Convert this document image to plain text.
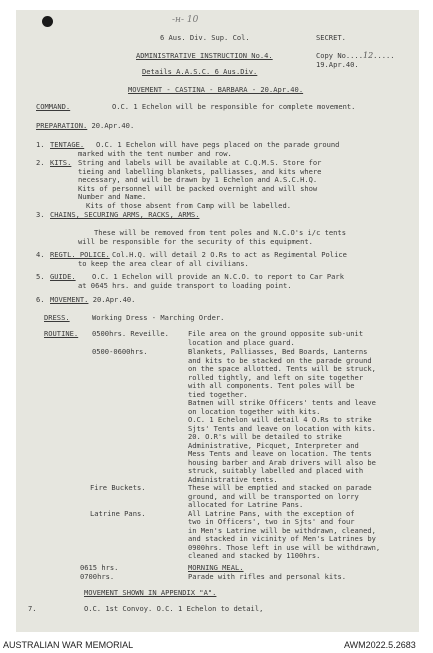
-н- 10
6 Aus. Div. Sup. Col.	SECRET.
ADMINISTRATIVE INSTRUCTION No.4.	Copy No....12.....
Details A.A.S.C. 6 Aus.Div.
19.Apr.40.
MOVEMENT - CASTINA - BARBARA - 20.Apr.40.
COMMAND.	O.C. 1 Echelon will be responsible for complete movement.
PREPARATION. 20.Apr.40.
1. TENTAGE. O.C. 1 Echelon will have pegs placed on the parade ground
marked with the tent number and row.
2. KITS. String and labels will be available at C.Q.M.S. Store for
tieing and labelling blankets, palliasses, and kits where
necessary, and will be drawn by 1 Echelon and A.S.C.H.Q.
Kits of personnel will be packed overnight and will show
Number and Name.
Kits of those absent from Camp will be labelled.
3. CHAINS, SECURING ARMS, RACKS, ARMS.
These will be removed from tent poles and N.C.O's i/c tents
will be responsible for the security of this equipment.
4. REGTL. POLICE. Col.H.Q. will detail 2 O.Rs to act as Regimental Police
to keep the area clear of all civilians.
5. GUIDE. O.C. 1 Echelon will provide an N.C.O. to report to Car Park
at 0645 hrs. and guide transport to loading point.
6. MOVEMENT. 20.Apr.40.
DRESS.	Working Dress - Marching Order.
ROUTINE. 0500hrs. Reveille.	File area on the ground opposite sub-unit
location and place guard.
0500-0600hrs.	Blankets, Palliasses, Bed Boards, Lanterns
and kits to be stacked on the parade ground
on the space allotted. Tents will be struck,
rolled tightly, and left on site together
with all components. Tent poles will be
tied together.
Batmen will strike Officers' tents and leave
on location together with kits.
O.C. 1 Echelon will detail 4 O.Rs to strike
Sjts' Tents and leave on location with kits.
20. O.R's will be detailed to strike
Administrative, Picquet, Interpreter and
Mess Tents and leave on location. The tents
housing barber and Arab drivers will also be
struck, suitably labelled and placed with
Administrative tents.
Fire Buckets.	These will be emptied and stacked on parade
ground, and will be transported on lorry
allocated for Latrine Pans.
Latrine Pans.	All Latrine Pans, with the exception of
two in Officers', two in Sjts' and four
in Men's Latrine will be withdrawn, cleaned,
and stacked in vicinity of Men's Latrines by
0900hrs. Those left in use will be withdrawn,
cleaned and stacked by 1100hrs.
0615 hrs.	MORNING MEAL.
0700hrs.	Parade with rifles and personal kits.
MOVEMENT SHOWN IN APPENDIX "A".
7.	O.C. 1st Convoy. O.C. 1 Echelon to detail,
AUSTRALIAN WAR MEMORIAL	AWM2022.5.2683
